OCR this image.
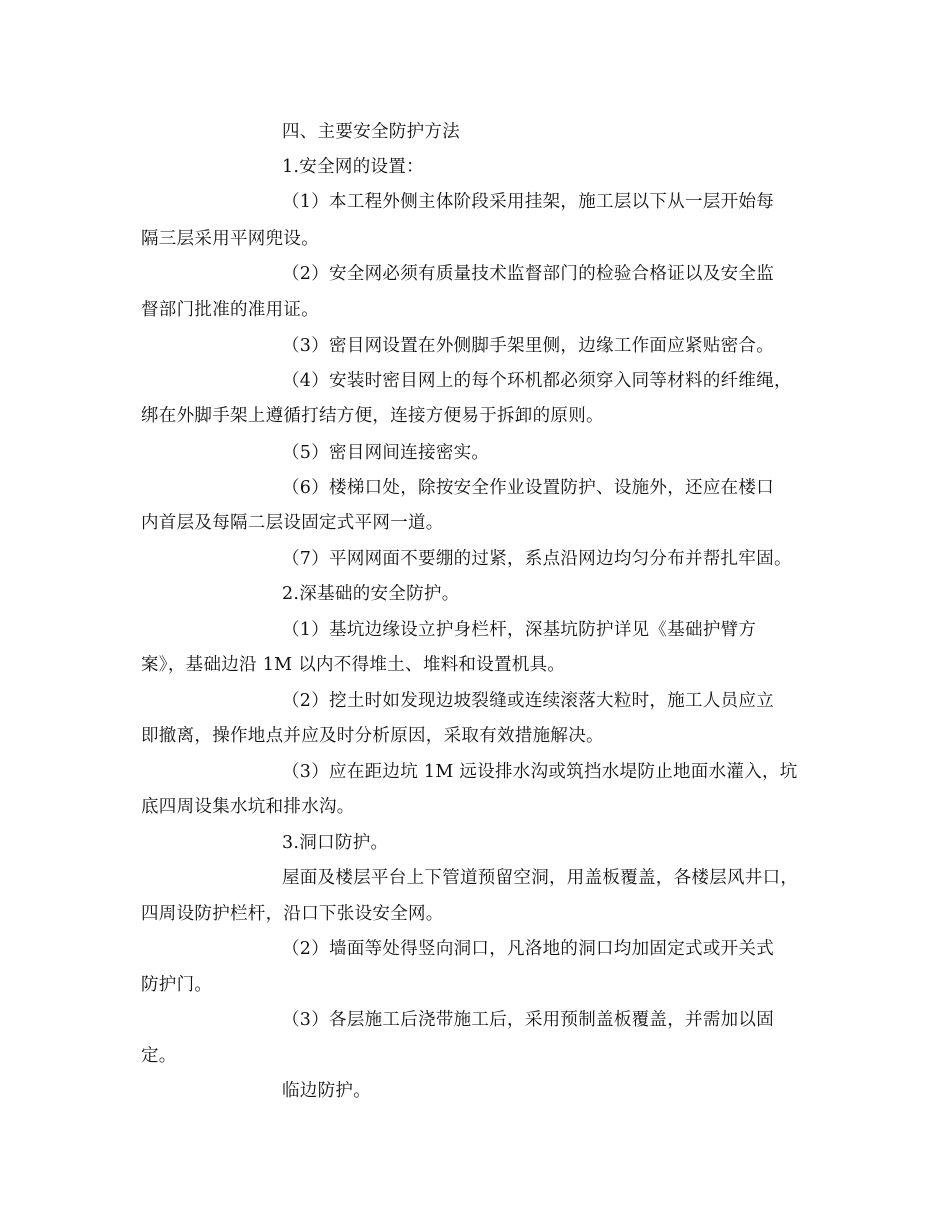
四、主要安全防护方法
1.安全网的设置：
（1）本工程外侧主体阶段采用挂架，施工层以下从一层开始每
隔三层采用平网兜设。
（2）安全网必须有质量技术监督部门的检验合格证以及安全监
督部门批准的准用证。
（3）密目网设置在外侧脚手架里侧，边缘工作面应紧贴密合。
（4）安装时密目网上的每个环机都必须穿入同等材料的纤维绳，
绑在外脚手架上遵循打结方便，连接方便易于拆卸的原则。
（5）密目网间连接密实。
（6）楼梯口处，除按安全作业设置防护、设施外，还应在楼口
内首层及每隔二层设固定式平网一道。
（7）平网网面不要绷的过紧，系点沿网边均匀分布并帮扎牢固。
2.深基础的安全防护。
（1）基坑边缘设立护身栏杆，深基坑防护详见《基础护臂方
案》，基础边沿 1M 以内不得堆土、堆料和设置机具。
（2）挖土时如发现边坡裂缝或连续滚落大粒时，施工人员应立
即撤离，操作地点并应及时分析原因，采取有效措施解决。
（3）应在距边坑 1M 远设排水沟或筑挡水堤防止地面水灌入，坑
底四周设集水坑和排水沟。
3.洞口防护。
屋面及楼层平台上下管道预留空洞，用盖板覆盖，各楼层风井口，
四周设防护栏杆，沿口下张设安全网。
（2）墙面等处得竖向洞口，凡洛地的洞口均加固定式或开关式
防护门。
（3）各层施工后浇带施工后，采用预制盖板覆盖，并需加以固
定。
临边防护。
